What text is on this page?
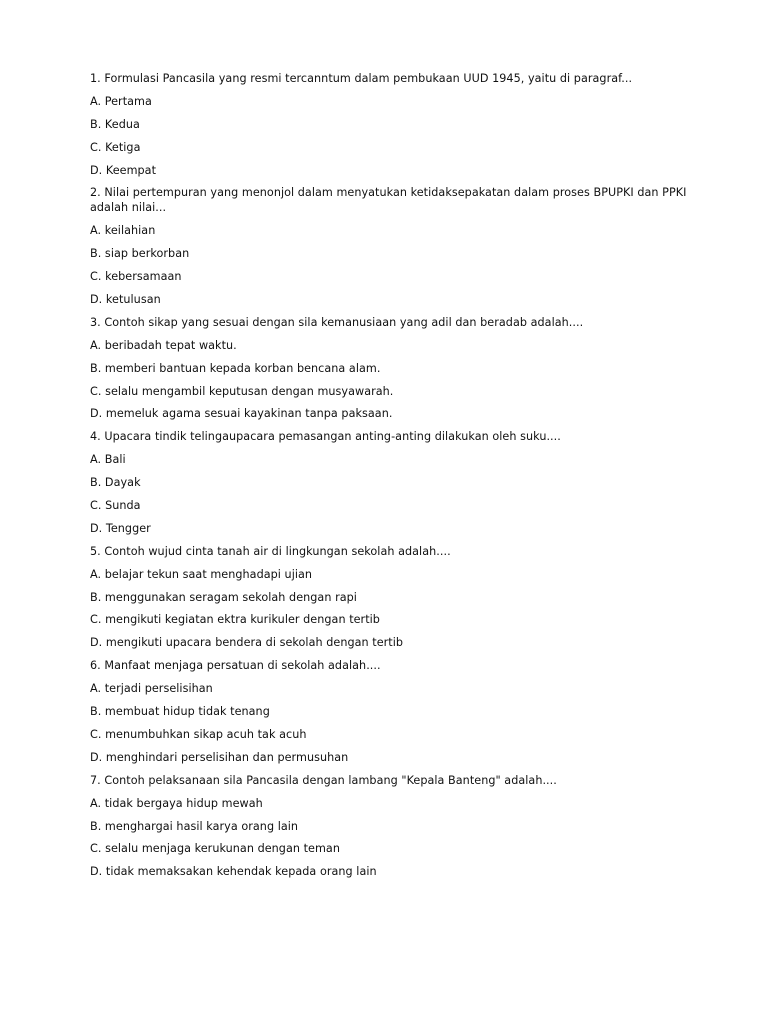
1. Formulasi Pancasila yang resmi tercanntum dalam pembukaan UUD 1945, yaitu di paragraf...

A. Pertama

B. Kedua

C. Ketiga

D. Keempat

2. Nilai pertempuran yang menonjol dalam menyatukan ketidaksepakatan dalam proses BPUPKI dan PPKI adalah nilai...

A. keilahian

B. siap berkorban

C. kebersamaan

D. ketulusan

3. Contoh sikap yang sesuai dengan sila kemanusiaan yang adil dan beradab adalah....

A. beribadah tepat waktu.

B. memberi bantuan kepada korban bencana alam.

C. selalu mengambil keputusan dengan musyawarah.

D. memeluk agama sesuai kayakinan tanpa paksaan.

4. Upacara tindik telingaupacara pemasangan anting-anting dilakukan oleh suku....

A. Bali

B. Dayak

C. Sunda

D. Tengger

5. Contoh wujud cinta tanah air di lingkungan sekolah adalah....

A. belajar tekun saat menghadapi ujian

B. menggunakan seragam sekolah dengan rapi

C. mengikuti kegiatan ektra kurikuler dengan tertib

D. mengikuti upacara bendera di sekolah dengan tertib

6. Manfaat menjaga persatuan di sekolah adalah....

A. terjadi perselisihan

B. membuat hidup tidak tenang

C. menumbuhkan sikap acuh tak acuh

D. menghindari perselisihan dan permusuhan

7. Contoh pelaksanaan sila Pancasila dengan lambang "Kepala Banteng" adalah....

A. tidak bergaya hidup mewah

B. menghargai hasil karya orang lain

C. selalu menjaga kerukunan dengan teman

D. tidak memaksakan kehendak kepada orang lain
